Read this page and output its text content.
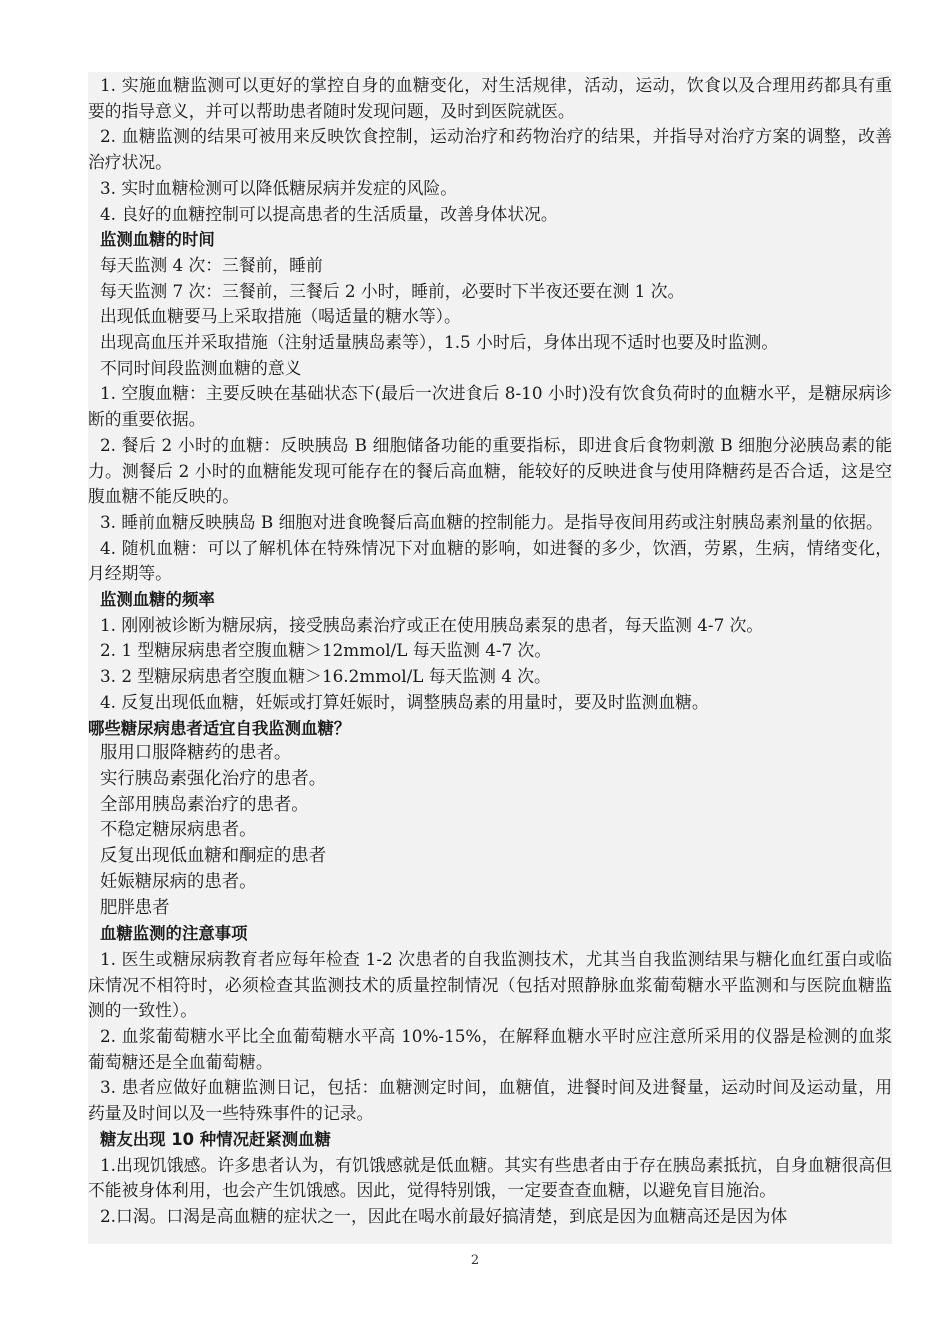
1. 实施血糖监测可以更好的掌控自身的血糖变化，对生活规律，活动，运动，饮食以及合理用药都具有重要的指导意义，并可以帮助患者随时发现问题，及时到医院就医。

2. 血糖监测的结果可被用来反映饮食控制，运动治疗和药物治疗的结果，并指导对治疗方案的调整，改善治疗状况。

3. 实时血糖检测可以降低糖尿病并发症的风险。

4. 良好的血糖控制可以提高患者的生活质量，改善身体状况。

监测血糖的时间

每天监测 4 次：三餐前，睡前

每天监测 7 次：三餐前，三餐后 2 小时，睡前，必要时下半夜还要在测 1 次。

出现低血糖要马上采取措施（喝适量的糖水等）。

出现高血压并采取措施（注射适量胰岛素等），1.5 小时后，身体出现不适时也要及时监测。

不同时间段监测血糖的意义

1. 空腹血糖：主要反映在基础状态下(最后一次进食后 8-10 小时)没有饮食负荷时的血糖水平，是糖尿病诊断的重要依据。

2. 餐后 2 小时的血糖：反映胰岛 B 细胞储备功能的重要指标，即进食后食物刺激 B 细胞分泌胰岛素的能力。测餐后 2 小时的血糖能发现可能存在的餐后高血糖，能较好的反映进食与使用降糖药是否合适，这是空腹血糖不能反映的。

3. 睡前血糖反映胰岛 B 细胞对进食晚餐后高血糖的控制能力。是指导夜间用药或注射胰岛素剂量的依据。

4. 随机血糖：可以了解机体在特殊情况下对血糖的影响，如进餐的多少，饮酒，劳累，生病，情绪变化，月经期等。

监测血糖的频率

1. 刚刚被诊断为糖尿病，接受胰岛素治疗或正在使用胰岛素泵的患者，每天监测 4-7 次。

2. 1 型糖尿病患者空腹血糖＞12mmol/L 每天监测 4-7 次。

3. 2 型糖尿病患者空腹血糖＞16.2mmol/L 每天监测 4 次。

4. 反复出现低血糖，妊娠或打算妊娠时，调整胰岛素的用量时，要及时监测血糖。

哪些糖尿病患者适宜自我监测血糖？

服用口服降糖药的患者。

实行胰岛素强化治疗的患者。

全部用胰岛素治疗的患者。

不稳定糖尿病患者。

反复出现低血糖和酮症的患者

妊娠糖尿病的患者。

肥胖患者

血糖监测的注意事项

1. 医生或糖尿病教育者应每年检查 1-2 次患者的自我监测技术，尤其当自我监测结果与糖化血红蛋白或临床情况不相符时，必须检查其监测技术的质量控制情况（包括对照静脉血浆葡萄糖水平监测和与医院血糖监测的一致性）。

2. 血浆葡萄糖水平比全血葡萄糖水平高 10%-15%，在解释血糖水平时应注意所采用的仪器是检测的血浆葡萄糖还是全血葡萄糖。

3. 患者应做好血糖监测日记，包括：血糖测定时间，血糖值，进餐时间及进餐量，运动时间及运动量，用药量及时间以及一些特殊事件的记录。

糖友出现 10 种情况赶紧测血糖

1.出现饥饿感。许多患者认为，有饥饿感就是低血糖。其实有些患者由于存在胰岛素抵抗，自身血糖很高但不能被身体利用，也会产生饥饿感。因此，觉得特别饿，一定要查查血糖，以避免盲目施治。

2.口渴。口渴是高血糖的症状之一，因此在喝水前最好搞清楚，到底是因为血糖高还是因为体

2
